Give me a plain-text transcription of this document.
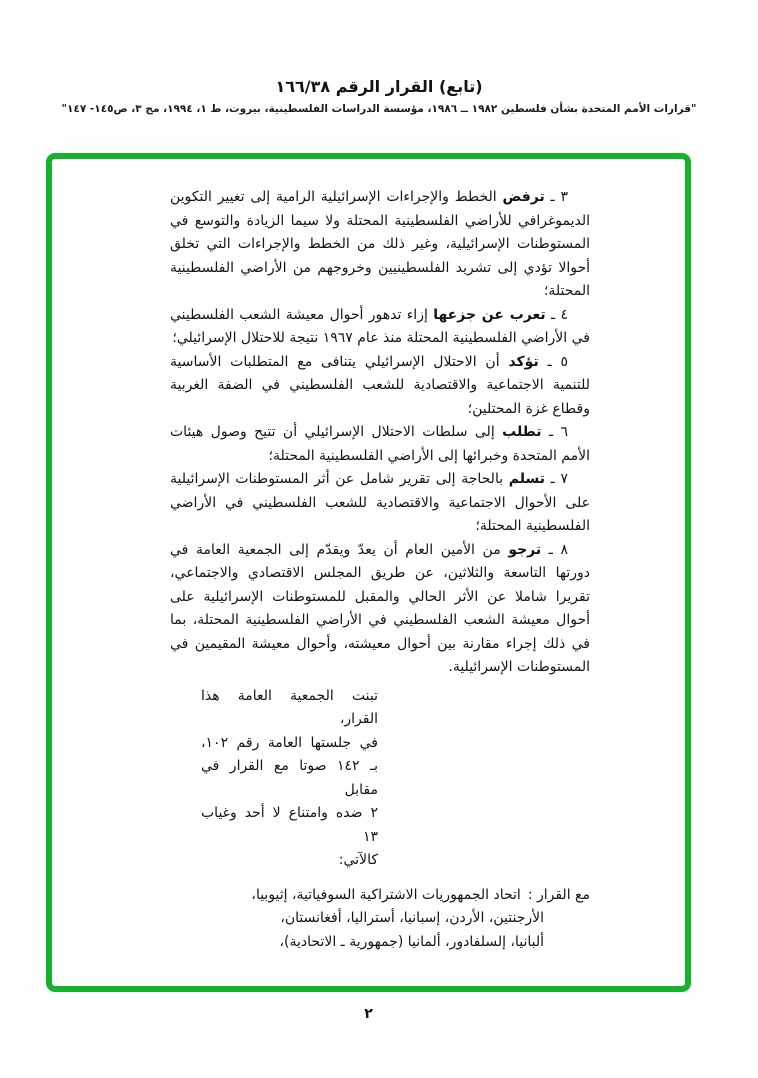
(تابع) القرار الرقم ١٦٦/٣٨
"قرارات الأمم المتحدة بشأن فلسطين ١٩٨٢ ــ ١٩٨٦، مؤسسة الدراسات الفلسطينية، بيروت، ط ١، ١٩٩٤، مج ٣، ص١٤٥- ١٤٧"

٣ ـ ترفض الخطط والإجراءات الإسرائيلية الرامية إلى تغيير التكوين الديموغرافي للأراضي الفلسطينية المحتلة ولا سيما الزيادة والتوسع في المستوطنات الإسرائيلية، وغير ذلك من الخطط والإجراءات التي تخلق أحوالا تؤدي إلى تشريد الفلسطينيين وخروجهم من الأراضي الفلسطينية المحتلة؛

٤ ـ تعرب عن جزعها إزاء تدهور أحوال معيشة الشعب الفلسطيني في الأراضي الفلسطينية المحتلة منذ عام ١٩٦٧ نتيجة للاحتلال الإسرائيلي؛

٥ ـ تؤكد أن الاحتلال الإسرائيلي يتنافى مع المتطلبات الأساسية للتنمية الاجتماعية والاقتصادية للشعب الفلسطيني في الضفة الغربية وقطاع غزة المحتلين؛

٦ ـ تطلب إلى سلطات الاحتلال الإسرائيلي أن تتيح وصول هيئات الأمم المتحدة وخبرائها إلى الأراضي الفلسطينية المحتلة؛

٧ ـ تسلم بالحاجة إلى تقرير شامل عن أثر المستوطنات الإسرائيلية على الأحوال الاجتماعية والاقتصادية للشعب الفلسطيني في الأراضي الفلسطينية المحتلة؛

٨ ـ ترجو من الأمين العام أن يعدّ ويقدّم إلى الجمعية العامة في دورتها التاسعة والثلاثين، عن طريق المجلس الاقتصادي والاجتماعي، تقريرا شاملا عن الأثر الحالي والمقبل للمستوطنات الإسرائيلية على أحوال معيشة الشعب الفلسطيني في الأراضي الفلسطينية المحتلة، بما في ذلك إجراء مقارنة بين أحوال معيشته، وأحوال معيشة المقيمين في المستوطنات الإسرائيلية.

تبنت الجمعية العامة هذا القرار،
في جلستها العامة رقم ١٠٢،
بـ ١٤٢ صوتا مع القرار في مقابل
٢ ضده وامتناع لا أحد وغياب ١٣
كالآتي:
مع القرار :اتحاد الجمهوريات الاشتراكية السوفياتية، إثيوبيا،
الأرجنتين، الأردن، إسبانيا، أستراليا، أفغانستان،
ألبانيا، إلسلفادور، ألمانيا (جمهورية ـ الاتحادية)،
٢
